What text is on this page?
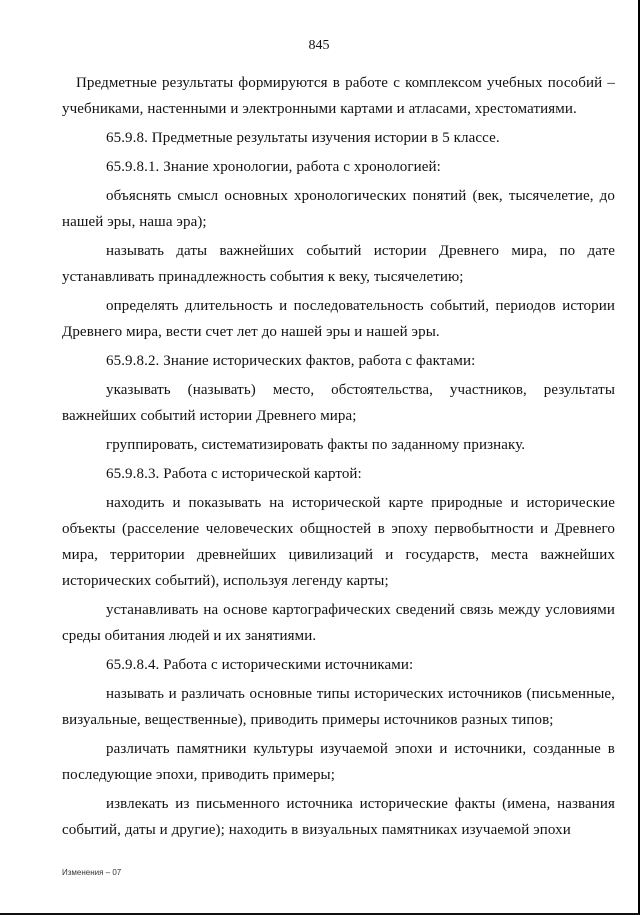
845

Предметные результаты формируются в работе с комплексом учебных пособий – учебниками, настенными и электронными картами и атласами, хрестоматиями.

65.9.8. Предметные результаты изучения истории в 5 классе.

65.9.8.1. Знание хронологии, работа с хронологией:

объяснять смысл основных хронологических понятий (век, тысячелетие, до нашей эры, наша эра);

называть даты важнейших событий истории Древнего мира, по дате устанавливать принадлежность события к веку, тысячелетию;

определять длительность и последовательность событий, периодов истории Древнего мира, вести счет лет до нашей эры и нашей эры.

65.9.8.2. Знание исторических фактов, работа с фактами:

указывать (называть) место, обстоятельства, участников, результаты важнейших событий истории Древнего мира;

группировать, систематизировать факты по заданному признаку.

65.9.8.3. Работа с исторической картой:

находить и показывать на исторической карте природные и исторические объекты (расселение человеческих общностей в эпоху первобытности и Древнего мира, территории древнейших цивилизаций и государств, места важнейших исторических событий), используя легенду карты;

устанавливать на основе картографических сведений связь между условиями среды обитания людей и их занятиями.

65.9.8.4. Работа с историческими источниками:

называть и различать основные типы исторических источников (письменные, визуальные, вещественные), приводить примеры источников разных типов;

различать памятники культуры изучаемой эпохи и источники, созданные в последующие эпохи, приводить примеры;

извлекать из письменного источника исторические факты (имена, названия событий, даты и другие); находить в визуальных памятниках изучаемой эпохи

Изменения – 07
